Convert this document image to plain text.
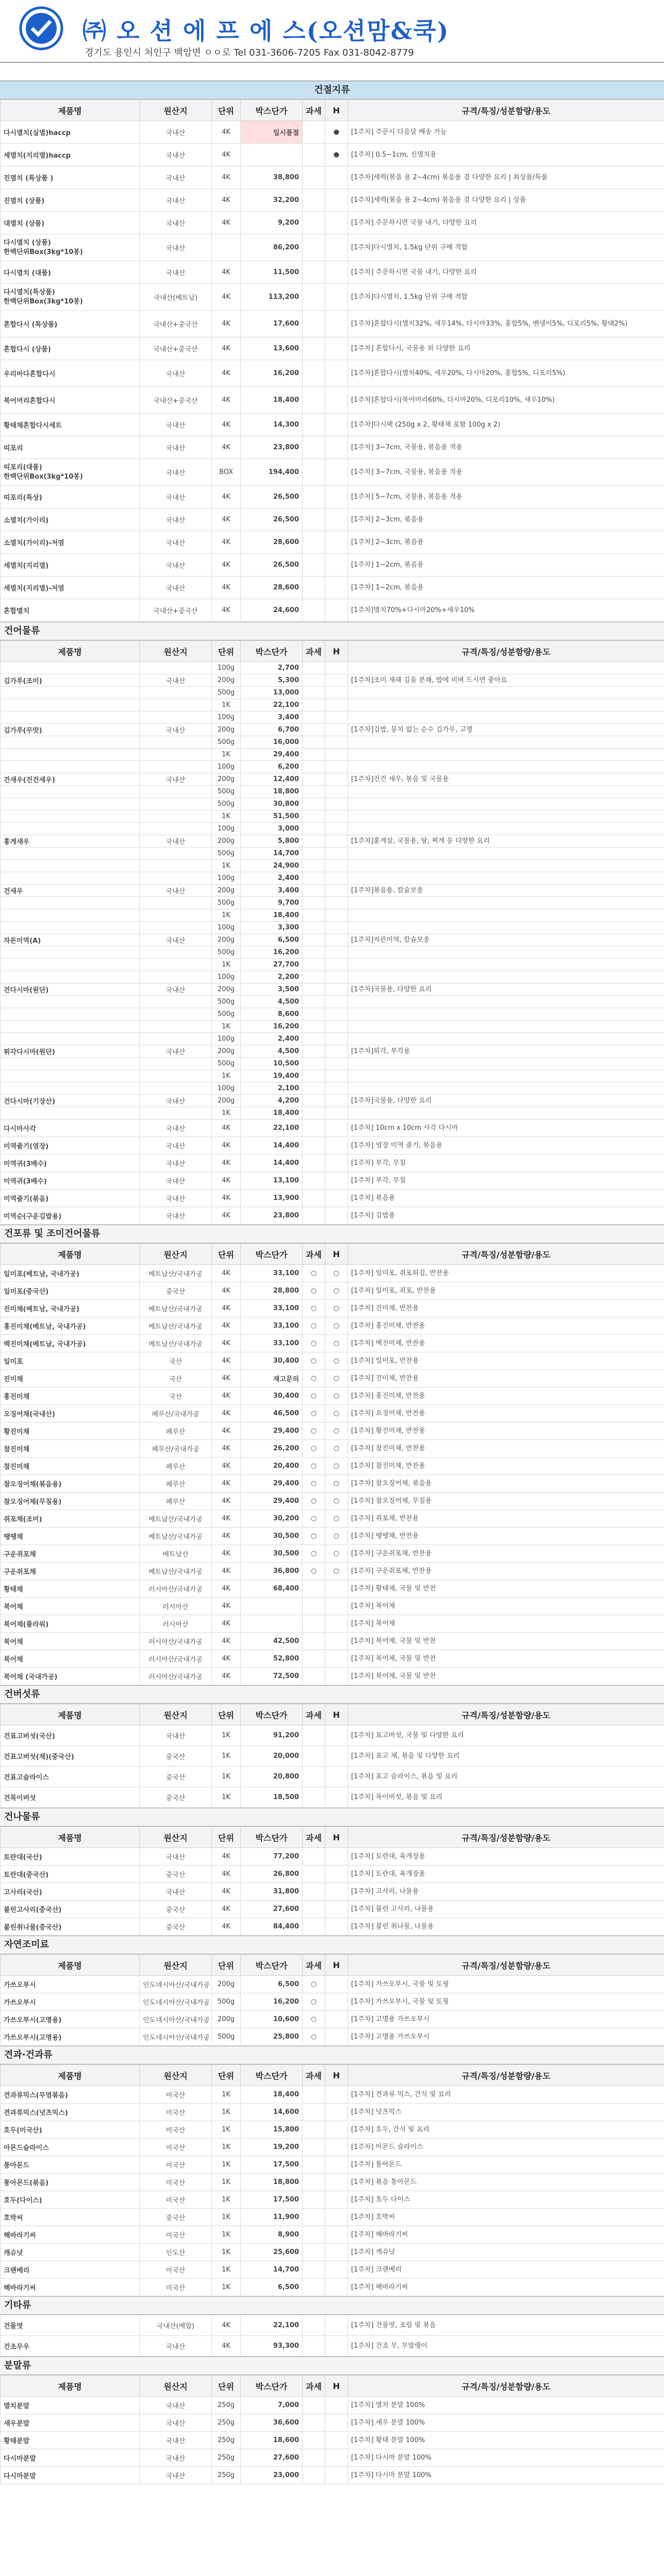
㈜ 오 션 에 프 에 스(오션맘&쿡)
경기도 용인시 처인구 백암면 ㅇㅇ로 Tel 031-3606-7205 Fax 031-8042-8779
건절지류
제품명	원산지	단위	박스단가	과세	H	규격/특징/성분함량/용도
다시멸치(실멸)haccp	국내산	4K	일시품절		●	[1주차] 주문시 다음달 배송 가능
세멸치(지리멸)haccp	국내산	4K			●	[1주차] 0.5~1cm, 신멸치용
진멸치 (특상품 )	국내산	4K	38,800			[1주차]세력(볶음 용 2~4cm) 볶음용 겸 다양한 요리 | 최상품/특품
진멸치 (상품)	국내산	4K	32,200			[1주차]세력(볶음 용 2~4cm) 볶음용 겸 다양한 요리 | 상품
대멸치 (상품)	국내산	4K	9,200			[1주차] 주문하시면 국물 내기, 다양한 요리
다시멸치 (상품)
한백단위Box(3kg*10봉)	국내산		86,200			[1주차]다시멸치, 1.5kg 단위 구매 적합
다시멸치 (대품)	국내산	4K	11,500			[1주차] 주문하시면 국물 내기, 다양한 요리
다시멸치(특상품)
한백단위Box(3kg*10봉)	국내산(베트남)	4K	113,200			[1주차]다시멸치, 1.5kg 단위 구매 적합
혼합다시 (특상품)	국내산+중국산	4K	17,600			[1주차]혼합다시(멸치32%, 새우14%, 다시마33%, 홍합5%, 밴댕이5%, 디포리5%, 황태2%)
혼합다시 (상품)	국내산+중국산	4K	13,600			[1주차] 혼합다시, 국물용 외 다양한 요리
우리바다혼합다시	국내산	4K	16,200			[1주차]혼합다시(멸치40%, 새우20%, 다시마20%, 홍합5%, 디포리5%)
북어머리혼합다시	국내산+중국산	4K	18,400			[1주차]혼합다시(북어머리60%, 다시마20%, 디포리10%, 새우10%)
황태채혼합다시세트	국내산	4K	14,300			[1주차]다시팩 (250g x 2, 황태채 포함 100g x 2)
띠포리	국내산	4K	23,800			[1주차] 3~7cm, 국물용, 볶음용 적용
띠포리(대품)
한백단위Box(3kg*10봉)	국내산	BOX	194,400			[1주차] 3~7cm, 국물용, 볶음용 적용
띠포리(특상)	국내산	4K	26,500			[1주차] 5~7cm, 국물용, 볶음용 적용
소멸치(가이리)	국내산	4K	26,500			[1주차] 2~3cm, 볶음용
소멸치(가이리)-저염	국내산	4K	28,600			[1주차] 2~3cm, 볶음용
세멸치(지리멸)	국내산	4K	26,500			[1주차] 1~2cm, 볶음용
세멸치(지리멸)-저염	국내산	4K	28,600			[1주차] 1~2cm, 볶음용
혼합멸치	국내산+중국산	4K	24,600			[1주차]멸치70%+다시마20%+새우10%
건어물류
제품명	원산지	단위	박스단가	과세	H	규격/특징/성분함량/용도
		100g	2,700			
김가루(조미)	국내산	200g	5,300			[1주차]조미 재래 김을 분쇄, 밥에 비벼 드시면 좋아요
		500g	13,000			
		1K	22,100			
		100g	3,400			
김가루(무맛)	국내산	200g	6,700			[1주차]김밥, 뭉치 없는 순수 김가루, 고명
		500g	16,000			
		1K	29,400			
		100g	6,200			
건새우(진건새우)	국내산	200g	12,400			[1주차]진건 새우, 볶음 및 국물용
		500g	18,800			
		500g	30,800			
		1K	51,500			
		100g	3,000			
홍게새우	국내산	200g	5,800			[1주차]홍게살, 국물용, 탕, 찌개 등 다양한 요리
		500g	14,700			
		1K	24,900			
		100g	2,400			
건새우	국내산	200g	3,400			[1주차]볶음용, 칼슘보충
		500g	9,700			
		1K	18,400			
		100g	3,300			
자른미역(A)	국내산	200g	6,500			[1주차]자른미역, 칼슘보충
		500g	16,200			
		1K	27,700			
		100g	2,200			
건다시마(원단)	국내산	200g	3,500			[1주차]국물용, 다양한 요리
		500g	4,500			
		500g	8,600			
		1K	16,200			
		100g	2,400			
튀각다시마(원단)	국내산	200g	4,500			[1주차]튀각, 부각용
		500g	10,500			
		1K	19,400			
		100g	2,100			
건다시마(기장산)	국내산	200g	4,200			[1주차]국물용, 다양한 요리
		1K	18,400			
다시마사각	국내산	4K	22,100			[1주차] 10cm x 10cm 사각 다시마
미역줄기(염장)	국내산	4K	14,400			[1주차] 염장 미역 줄기, 볶음용
미역귀(3배수)	국내산	4K	14,400			[1주차] 부각, 무침
미역귀(3배수)	국내산	4K	13,100			[1주차] 부각, 무침
미역줄기(볶음)	국내산	4K	13,900			[1주차] 볶음용
미역순(구운김밥용)	국내산	4K	23,800			[1주차] 김밥용
건포류 및 조미건어물류
제품명	원산지	단위	박스단가	과세	H	규격/특징/성분함량/용도
일미포(베트남, 국내가공)	베트남산/국내가공	4K	33,100	○	○	[1주차] 일미포, 쥐포튀김, 반찬용
일미포(중국산)	중국산	4K	28,800	○	○	[1주차] 일미포, 쥐포, 반찬용
진미채(베트남, 국내가공)	베트남산/국내가공	4K	33,100	○	○	[1주차] 진미채, 반찬용
홍진미채(베트남, 국내가공)	베트남산/국내가공	4K	33,100	○	○	[1주차] 홍진미채, 반찬용
백진미채(베트남, 국내가공)	베트남산/국내가공	4K	33,100	○	○	[1주차] 백진미채, 반찬용
일미포	국산	4K	30,400	○	○	[1주차] 일미포, 반찬용
진미채	국산	4K	재고문의	○	○	[1주차] 진미채, 반찬용
홍진미채	국산	4K	30,400	○	○	[1주차] 홍진미채, 반찬용
오징어채(국내산)	페루산/국내가공	4K	46,500	○	○	[1주차] 오징어채, 반찬용
황진미채	페루산	4K	29,400	○	○	[1주차] 황진미채, 반찬용
참진미채	페루산/국내가공	4K	26,200	○	○	[1주차] 참진미채, 반찬용
참진미채	페루산	4K	20,400	○	○	[1주차] 참진미채, 반찬용
참오징어채(볶음용)	페루산	4K	29,400	○	○	[1주차] 참오징어채, 볶음용
참오징어채(무침용)	페루산	4K	29,400	○	○	[1주차] 참오징어채, 무침용
쥐포채(조미)	베트남산/국내가공	4K	30,200	○	○	[1주차] 쥐포채, 반찬용
땡땡채	베트남산/국내가공	4K	30,500	○	○	[1주차] 땡땡채, 반찬용
구운쥐포채	베트남산	4K	30,500	○	○	[1주차] 구운쥐포채, 반찬용
구운쥐포채	베트남산/국내가공	4K	36,800	○	○	[1주차] 구운쥐포채, 반찬용
황태채	러시아산/국내가공	4K	68,400			[1주차] 황태채, 국물 및 반찬
북어채	러시아산	4K				[1주차] 북어채
북어채(플라워)	러시아산	4K				[1주차] 북어채
북어채	러시아산/국내가공	4K	42,500			[1주차] 북어채, 국물 및 반찬
북어채	러시아산/국내가공	4K	52,800			[1주차] 북어채, 국물 및 반찬
북어채 (국내가공)	러시아산/국내가공	4K	72,500			[1주차] 북어채, 국물 및 반찬
건버섯류
제품명	원산지	단위	박스단가	과세	H	규격/특징/성분함량/용도
건표고버섯(국산)	국내산	1K	91,200			[1주차] 표고버섯, 국물 및 다양한 요리
건표고버섯(채)(중국산)	중국산	1K	20,000			[1주차] 표고 채, 볶음 및 다양한 요리
건표고슬라이스	중국산	1K	20,800			[1주차] 표고 슬라이스, 볶음 및 요리
건목이버섯	중국산	1K	18,500			[1주차] 목이버섯, 볶음 및 요리
건나물류
제품명	원산지	단위	박스단가	과세	H	규격/특징/성분함량/용도
토란대(국산)	국내산	4K	77,200			[1주차] 토란대, 육개장용
토란대(중국산)	중국산	4K	26,800			[1주차] 토란대, 육개장용
고사리(국산)	국내산	4K	31,800			[1주차] 고사리, 나물용
불린고사리(중국산)	중국산	4K	27,600			[1주차] 불린 고사리, 나물용
불린취나물(중국산)	중국산	4K	84,400			[1주차] 불린 취나물, 나물용
자연조미료
제품명	원산지	단위	박스단가	과세	H	규격/특징/성분함량/용도
가쓰오부시	인도네시아산/국내가공	200g	6,500	○		[1주차] 가쓰오부시, 국물 및 토핑
가쓰오부시	인도네시아산/국내가공	500g	16,200	○		[1주차] 가쓰오부시, 국물 및 토핑
가쓰오부시(고명용)	인도네시아산/국내가공	200g	10,600	○		[1주차] 고명용 가쓰오부시
가쓰오부시(고명용)	인도네시아산/국내가공	500g	25,800	○		[1주차] 고명용 가쓰오부시
견과·건과류
제품명	원산지	단위	박스단가	과세	H	규격/특징/성분함량/용도
견과류믹스(무염볶음)	미국산	1K	18,400			[1주차] 견과류 믹스, 간식 및 요리
견과류믹스(넛츠믹스)	미국산	1K	14,600			[1주차] 넛츠믹스
호두(미국산)	미국산	1K	15,800			[1주차] 호두, 간식 및 요리
아몬드슬라이스	미국산	1K	19,200			[1주차] 아몬드 슬라이스
통아몬드	미국산	1K	17,500			[1주차] 통아몬드
통아몬드(볶음)	미국산	1K	18,800			[1주차] 볶음 통아몬드
호두(다이스)	미국산	1K	17,500			[1주차] 호두 다이스
호박씨	중국산	1K	11,900			[1주차] 호박씨
해바라기씨	미국산	1K	8,900			[1주차] 해바라기씨
캐슈넛	인도산	1K	25,600			[1주차] 캐슈넛
크랜베리	미국산	1K	14,700			[1주차] 크랜베리
해바라기씨	미국산	1K	6,500			[1주차] 해바라기씨
기타류
건물엿	국내산(배합)	4K	22,100			[1주차] 건물엿, 조림 및 볶음
건조무우	국내산	4K	93,300			[1주차] 건조 무, 무말랭이
분말류
제품명	원산지	단위	박스단가	과세	H	규격/특징/성분함량/용도
멸치분말	국내산	250g	7,000			[1주차] 멸치 분말 100%
새우분말	국내산	250g	36,600			[1주차] 새우 분말 100%
황태분말	국내산	250g	18,600			[1주차] 황태 분말 100%
다시마분말	국내산	250g	27,600			[1주차] 다시마 분말 100%
다시마분말	국내산	250g	23,000			[1주차] 다시마 분말 100%
